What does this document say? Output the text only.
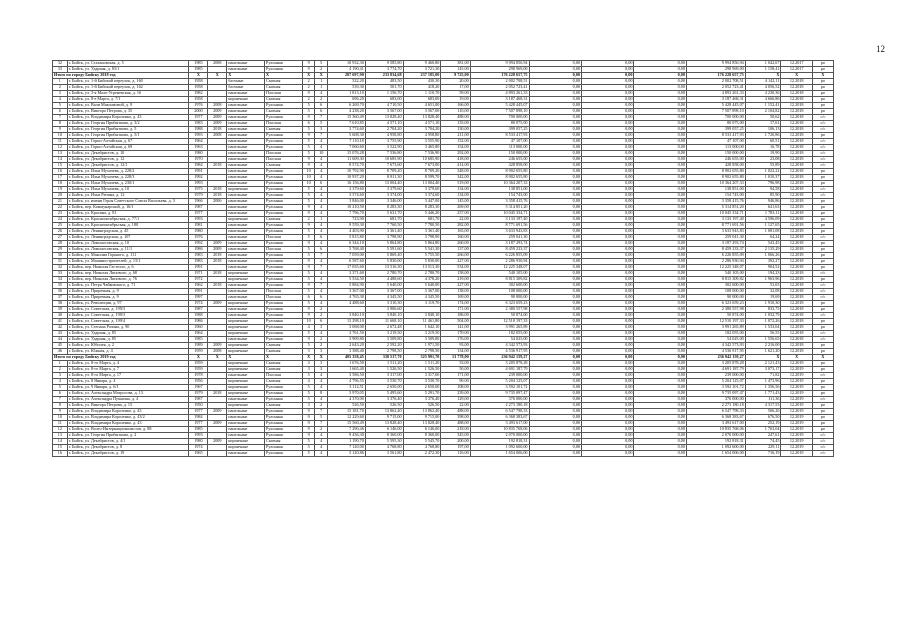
12
32	г. Бийск, ул. Стахановская, д. 5	1985	2008	панельные	Рулонная	9	5	10 932,30	9 585,80	9 460,80	381,00	9 994 856,94	0,00	0,00	0,00	9 994 856,94	1 042,67	12.2017	ро
33	г. Бийск, ул. Ударная, д. 83/1	1985		панельные	Рулонная	9	2	4 190,41	3 774,70	3 721,30	145,00	298 969,00	0,00	0,00	0,00	298 969,00	1 158,41	12.2017	ро
Итого по городу Бийску 2018 год		X	X	X	X	X	X	287 697,90	233 834,68	237 185,00	9 725,00	176 228 657,75	0,00	0,00	0,00	176 228 657,75	X	X	X
1	г. Бийск, ул. 1-й Бийский переулок, д. 160	1958		блочные	Скатная	2	1	522,20	483,50	430,30	20,00	2 002 708,51	0,00	0,00	0,00	2 002 708,51	4 142,11	12.2018	ро
2	г. Бийск, ул. 1-й Бийский переулок, д. 162	1958		блочные	Скатная	2	1	539,30	501,70	418,20	17,00	2 052 723,41	0,00	0,00	0,00	2 052 723,41	4 056,52	12.2018	ро
3	г. Бийск, ул. 3-я Мало-Угреневская, д. 16	1982		панельные	Плоская	9	4	1 813,10	1 156,70	1 110,70	59,00	4 893 261,33	0,00	0,00	0,00	4 893 261,33	4 230,36	12.2018	ро
4	г. Бийск, ул. 8-е Марта, д. 7/1	1958		кирпичные	Скатная	2	2	696,20	683,00	683,00	19,00	3 187 468,31	0,00	0,00	0,00	3 187 468,31	4 666,86	12.2018	ро
5	г. Бийск, ул. Вали Максимовой, д. 9	1976	2008	панельные	Рулонная	5	6	6 269,70	4 710,50	4 651,00	166,00	5 428 445,07	0,00	0,00	0,00	5 428 445,07	1 152,41	12.2018	ро
6	г. Бийск, ул. Виктора Петрова, д. 35	2000	2009	панельные	Скатная	5	6	4 238,20	3 567,00	3 567,00	110,00	7 507 898,10	0,00	0,00	0,00	7 507 898,10	2 104,82	12.2018	ро
7	г. Бийск, ул. Владимира Короленко, д. 43	1977	2009	панельные	Рулонная	9	7	15 360,49	13 828,40	13 828,40	488,00	700 000,00	0,00	0,00	0,00	700 000,00	50,62	12.2018	с/с
8	г. Бийск, ул. Георгия Прибыткова, д. 3/2	1983	2009	панельные	Плоская	6	5	7 610,85	4 571,10	4 571,10	135,00	80 075,00	0,00	0,00	0,00	80 075,00	17,61	12.2018	с/с
9	г. Бийск, ул. Георгия Прибыткова, д. 5	1988	2018	панельные	Скатная	5	3	3 774,60	2 704,20	3 704,20	130,00	399 057,25	0,00	0,00	0,00	399 057,25	106,13	12.2018	с/с
10	г. Бийск, ул. Георгия Прибыткова, д. 5/1	1993	2008	панельные	Рулонная	9	7	5 608,30	4 958,80	4 958,80	211,00	8 533 417,93	0,00	0,00	0,00	8 533 417,93	1 720,86	12.2018	ро
11	г. Бийск, ул. Горно-Алтайская, д. 67	1964		панельные	Рулонная	5	4	7 110,18	3 755,90	3 555,90	152,00	47 107,00	0,00	0,00	0,00	47 107,00	60,51	12.2018	с/с
12	г. Бийск, ул. Горно-Алтайская, д. 69	1963		панельные	Рулонная	5	4	7 060,60	3 522,90	3 465,80	154,00	113 000,00	0,00	0,00	0,00	113 000,00	16,78	12.2018	с/с
13	г. Бийск, ул. Декабристов, д. 10	1980		панельные	Плоская	5	10	15 076,28	7 536,80	7 536,90	292,00	150 000,00	0,00	0,00	0,00	150 000,00	19,90	12.2018	с/с
14	г. Бийск, ул. Декабристов, д. 12	1970		панельные	Плоская	9	4	11 609,30	10 685,90	10 685,90	418,00	246 655,00	0,00	0,00	0,00	246 655,00	23,08	12.2018	с/с
15	г. Бийск, ул. Декабристов, д. 12/1	1984	2018	панельные	Скатная	9	4	8 574,70	7 673,60	7 673,00	414,00	428 858,00	0,00	0,00	0,00	428 858,00	55,89	12.2018	с/с
16	г. Бийск, ул. Ильи Мухачева, д. 228/2	1991		панельные	Рулонная	10	4	10 792,90	8 709,20	8 709,20	348,00	8 902 655,80	0,00	0,00	0,00	8 902 655,80	1 022,22	12.2018	ро
17	г. Бийск, ул. Ильи Мухачева, д. 228/3	1992		панельные	Рулонная	10	4	10 937,20	8 811,30	8 599,70	342,00	8 902 655,80	0,00	0,00	0,00	8 902 655,80	1 010,37	12.2018	ро
18	г. Бийск, ул. Ильи Мухачева, д. 230/1	1993		панельные	Рулонная	10	6	16 156,80	13 004,40	13 004,40	519,00	10 364 207,33	0,00	0,00	0,00	10 364 207,33	796,98	12.2018	ро
19	г. Бийск, ул. Ильи Мухачева, д. 10	1975	2018	кирпичные	Рулонная	5	4	3 379,60	3 379,60	3 379,60	134,00	138 851,00	0,00	0,00	0,00	138 851,00	94,58	12.2018	с/с
20	г. Бийск, ул. Ильи Репина, д. 12	1979	2018	панельные	Рулонная	5	4	3 374,60	3 374,00	3 374,60	134,00	154 743,00	0,00	0,00	0,00	154 743,00	85,90	12.2018	с/с
21	г. Бийск, ул. имени Героя Советского Союза Васильева, д. 3	1966	2006	панельные	Рулонная	5	4	3 846,00	3 346,00	3 447,00	145,00	3 358 415,76	0,00	0,00	0,00	3 358 415,76	946,86	12.2018	ро
22	г. Бийск, пер. Коммунарский, д. 16/1	1987		панельные	Рулонная	9	4	10 210,50	8 283,30	8 283,30	269,00	5 314 851,20	0,00	0,00	0,00	5 314 851,20	641,63	12.2018	ро
23	г. Бийск, ул. Красина, д. 81	1977		панельные	Рулонная	9	4	7 796,70	5 631,70	5 446,20	257,00	10 045 334,71	0,00	0,00	0,00	10 045 334,71	1 783,11	12.2018	ро
24	г. Бийск, ул. Краснооктябрьская, д. 77/1	1993		кирпичные	Скатная	2	1	723,90	681,70	681,70	22,00	3 133 197,40	0,00	0,00	0,00	3 133 197,40	4 596,09	12.2018	ро
25	г. Бийск, ул. Краснооктябрьская, д. 180	1981		панельные	Рулонная	9	4	9 559,30	7 760,50	7 780,50	282,00	8 771 691,56	0,00	0,00	0,00	8 771 691,56	1 127,65	12.2018	ро
26	г. Бийск, ул. Ленинградская, д. 45	1980		панельные	Рулонная	5	4	4 403,90	3 361,40	3 361,40	165,00	3 633 943,83	0,00	0,00	0,00	3 633 943,83	1 081,08	12.2018	ро
27	г. Бийск, ул. Ленинградская, д. 107	1976		панельные	Плоская	5	6	5 815,80	3 798,90	3 798,90	160,00	259 041,30	0,00	0,00	0,00	259 041,30	64,24	12.2018	с/с
28	г. Бийск, ул. Ломоносовская, д. 10	1992	2009	панельные	Рулонная	9	4	6 344,10	5 864,80	5 864,80	260,00	3 187 293,74	0,00	0,00	0,00	3 187 293,74	543,45	12.2018	ро
29	г. Бийск, ул. Ломоносовская, д. 11/1	1986	2009	панельные	Плоская	5	6	5 768,40	5 591,60	5 541,30	137,00	8 459 233,37	0,00	0,00	0,00	8 459 233,37	2 135,29	12.2018	ро
30	г. Бийск, ул. Максима Горького, д. 111	1983	2018	панельные	Рулонная	5	7	7 059,00	5 869,40	5 755,50	266,00	6 226 855,09	0,00	0,00	0,00	6 226 855,09	1 066,26	12.2018	ро
31	г. Бийск, ул. Машиностроителей, д. 13/1	1983	2018	панельные	Рулонная	9	4	6 587,60	5 830,00	5 830,00	227,00	2 286 930,94	0,00	0,00	0,00	2 286 930,94	392,27	12.2018	ро
32	г. Бийск, пер. Николая Гастелло, д. 6	1991		панельные	Рулонная	9	7	17 035,60	13 516,30	13 513,30	534,00	12 225 348,07	0,00	0,00	0,00	12 225 348,07	904,52	12.2018	ро
33	г. Бийск, пер. Николая Липового, д. 68	1971	2018	кирпичные	Рулонная	5	4	3 371,60	2 780,70	2 780,70	158,00	540 105,00	0,00	0,00	0,00	540 105,00	194,23	12.2018	с/с
34	г. Бийск, пер. Николая Липового, д. 76	1972		кирпичные	Рулонная	5	4	5 534,50	4 488,60	4 378,20	219,00	8 815 309,82	0,00	0,00	0,00	8 815 309,82	1 963,96	12.2018	ро
35	г. Бийск, ул. Петра Чайковского, д. 71	1962	2018	панельные	Рулонная	9	7	5 884,90	5 640,00	5 640,00	227,00	302 600,00	0,00	0,00	0,00	302 600,00	53,65	12.2018	с/с
36	г. Бийск, ул. Приречная, д. 9	1991		панельные	Плоская	5	4	3 367,00	3 367,00	3 367,00	138,00	108 000,00	0,00	0,00	0,00	108 000,00	32,08	12.2018	с/с
37	г. Бийск, ул. Приречная, д. 9	1997		панельные	Плоская	6	6	4 765,30	4 345,50	4 345,50	169,00	90 000,00	0,00	0,00	0,00	90 000,00	19,69	12.2018	с/с
38	г. Бийск, ул. Революции, д. 97	1974	2009	кирпичные	Рулонная	5	4	4 488,60	3 310,30	3 119,70	174,00	6 323 659,23	0,00	0,00	0,00	6 323 659,23	1 910,30	12.2018	ро
39	г. Бийск, ул. Советская, д. 199/3	1987		панельные	Рулонная	9	2		3 906,60		171,00	2 380 557,98	0,00	0,00	0,00	2 380 557,98	833,75	12.2018	ро
40	г. Бийск, ул. Советская, д. 199/3	1988		панельные	Рулонная	9	2	3 840,10	3 840,10	3 840,10	186,00	50 874,00	0,00	0,00	0,00	50 874,00	1 032,79	12.2018	с/с
41	г. Бийск, ул. Советская, д. 199/4	1986		кирпичные	Рулонная	10	6	13 298,10	11 668,10	11 461,80	504,00	12 510 197,33	0,00	0,00	0,00	12 510 197,33	1 072,26	12.2018	ро
42	г. Бийск, ул. Степана Разина, д. 90	1960		кирпичные	Рулонная	4	3	3 068,00	2 672,48	1 642,10	141,00	3 991 265,89	0,00	0,00	0,00	3 991 265,89	1 533,04	12.2018	ро
43	г. Бийск, ул. Ударная, д. 85	1964		кирпичные	Рулонная	5	4	3 761,50	3 219,50	3 219,50	170,00	182 055,00	0,00	0,00	0,00	182 055,00	56,55	12.2018	с/с
44	г. Бийск, ул. Ударная, д. 85	1985		панельные	Рулонная	9	2	3 909,80	3 509,80	3 509,80	176,00	54 025,00	0,00	0,00	0,00	54 025,00	1 556,65	12.2018	с/с
45	г. Бийск, ул. Юбилея, д. 2	1989	2009	кирпичные	Скатная	5	2	2 643,20	2 592,20	1 971,50	93,00	4 342 573,93	0,00	0,00	0,00	4 342 573,93	2 216,00	12.2018	ро
46	г. Бийск, ул. Южная, д. 4	1959	2008	кирпичные	Скатная	3	3	3 388,40	2 798,50	2 798,50	134,00	4 536 917,95	0,00	0,00	0,00	4 536 917,95	1 621,20	12.2018	ро
Итого по городу Бийску 2019 год		X	X	X	X	X	X	405 358,45	330 517,70	325 991,70	13 778,00	236 942 159,27	0,00	0,00	0,00	236 942 159,27	X	X	X
1	г. Бийск, ул. 8-го Марта, д. 4	1959		кирпичные	Скатная	3	3	1 676,50	1 511,20	1 511,20	53,00	3 205 878,28	0,00	0,00	0,00	3 205 878,28	2 121,43	12.2019	ро
2	г. Бийск, ул. 8-го Марта, д. 7	1959		кирпичные	Скатная	3	3	1 665,40	1 526,50	1 526,50	50,00	4 691 187,79	0,00	0,00	0,00	4 691 187,79	3 073,17	12.2019	ро
3	г. Бийск, ул. 8-го Марта, д. 17	1978		панельные	Плоская	5	4	3 586,50	3 317,00	3 317,00	171,00	239 000,00	0,00	0,00	0,00	239 000,00	71,82	12.2019	с/с
4	г. Бийск, ул. 8 Января, д. 4	1956		кирпичные	Скатная	4	4	4 796,55	3 530,70	3 530,70	90,00	5 204 125,07	0,00	0,00	0,00	5 204 125,07	1 473,96	12.2019	ро
5	г. Бийск, ул. 9 Января, д. 6/1	1967		кирпичные	Рулонная	5	4	3 112,51	2 650,00	2 650,00	108,00	3 592 101,72	0,00	0,00	0,00	3 592 101,72	1 356,56	12.2019	ро
6	г. Бийск, ул. Александра Матросова, д. 13	1979	2018	кирпичные	Рулонная	5	8	5 970,05	5 495,60	5 291,70	239,00	9 735 097,47	0,00	0,00	0,00	9 735 097,47	1 771,43	12.2019	ро
7	г. Бийск, ул. Александра Пушкина, д. 4	1987		панельные	Рулонная	5	4	4 370,00	3 376,40	3 376,40	129,00	376 000,00	0,00	0,00	0,00	376 000,00	111,36	12.2019	с/с
8	г. Бийск, ул. Виктора Петрова, д. 15	1950		кирпичные	Скатная	3	2	526,50	526,50	526,50	22,00	2 273 180,18	0,00	0,00	0,00	2 273 180,18	4 317,53	12.2019	ро
9	г. Бийск, ул. Владимира Короленко, д. 43	1977	2009	панельные	Рулонная	9	7	15 181,70	13 862,40	13 862,40	488,00	6 547 798,33	0,00	0,00	0,00	6 547 798,33	566,20	12.2019	ро
10	г. Бийск, ул. Владимира Короленко, д. 43/2	1984		панельные	Рулонная	9	5	12 229,60	9 715,00	9 715,00	398,00	6 368 383,67	0,00	0,00	0,00	6 368 383,67	676,50	12.2019	ро
11	г. Бийск, ул. Владимира Короленко, д. 43	1977	2009	панельные	Рулонная	9	7	15 560,49	13 828,40	13 828,40	488,00	3 493 617,00	0,00	0,00	0,00	3 493 617,00	252,19	12.2019	ро
12	г. Бийск, ул. Волго-Интернационалистов, д. 88	1985		панельные	Рулонная	9	2	7 290,46	6 146,00	6 146,00	218,00	10 835 768,06	0,00	0,00	0,00	10 835 768,06	1 763,04	12.2019	ро
13	г. Бийск, ул. Георгия Прибыткова, д. 2	1993		панельные	Рулонная	9	4	9 436,30	8 360,00	8 360,00	345,00	2 070 000,00	0,00	0,00	0,00	2 070 000,00	247,61	12.2019	с/с
14	г. Бийск, ул. Декабристов, д. 4/1	1980	2009	кирпичные	Скатная	5	4	1 190,70	5 595,30	5 545,70	200,00	192 818,31	0,00	0,00	0,00	192 818,31	74,45	12.2019	с/с
15	г. Бийск, ул. Декабристов, д. 8	1974		кирпичные	Рулонная	5	4	7 120,00	4 768,80	4 768,80	197,00	1 092 600,00	0,00	0,00	0,00	1 092 600,00	229,11	12.2019	с/с
16	г. Бийск, ул. Декабристов, д. 19	1965		панельные	Рулонная	5	4	5 120,86	3 561,80	2 472,30	116,00	1 654 006,00	0,00	0,00	0,00	1 654 006,00	716,19	12.2019	с/с
